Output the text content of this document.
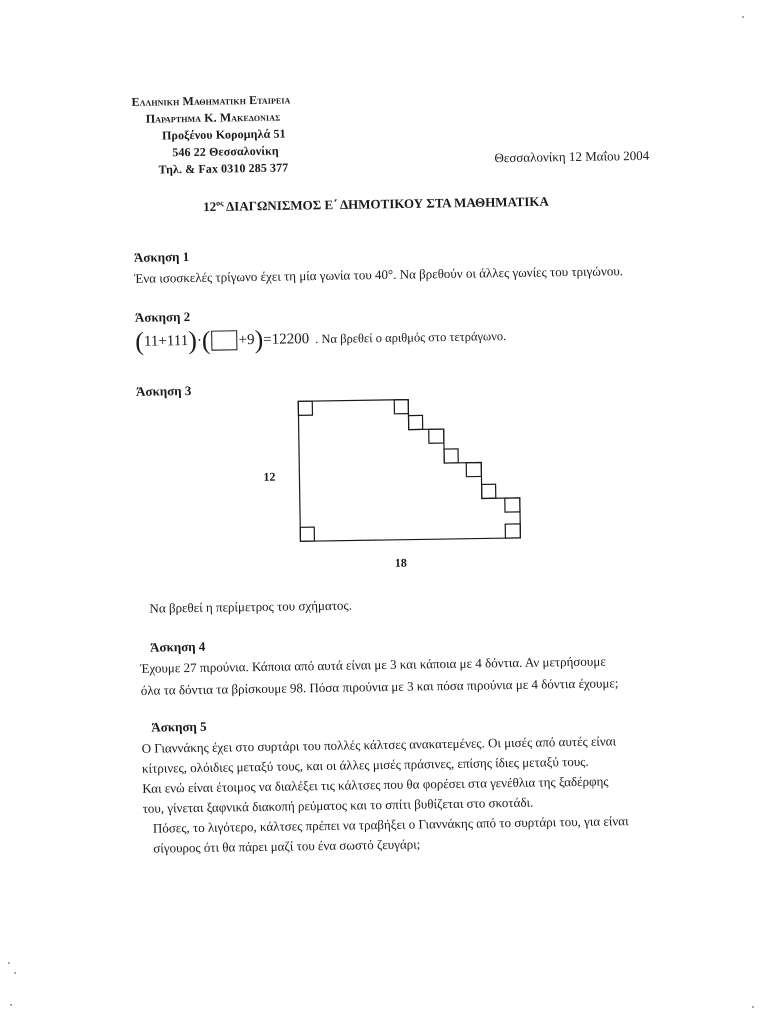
Ελληνικη Μαθηματικη Εταιρεια
Παραρτημα Κ. Μακεδονιας
Προξένου Κορομηλά 51
546 22 Θεσσαλονίκη
Τηλ. & Fax 0310 285 377
Θεσσαλονίκη 12 Μαΐου 2004
$12^{o\varsigma}$ ΔΙΑΓΩΝΙΣΜΟΣ Ε΄ ΔΗΜΟΤΙΚΟΥ ΣΤΑ ΜΑΘΗΜΑΤΙΚΑ
Άσκηση 1
Ένα ισοσκελές τρίγωνο έχει τη μία γωνία του 40°. Να βρεθούν οι άλλες γωνίες του τριγώνου.
Άσκηση 2
( 11+111 ) · ( +9 ) =12200 . Να βρεθεί ο αριθμός στο τετράγωνο.
Άσκηση 3
12
18
Να βρεθεί η περίμετρος του σχήματος.
Άσκηση 4
Έχουμε 27 πιρούνια. Κάποια από αυτά είναι με 3 και κάποια με 4 δόντια. Αν μετρήσουμε
όλα τα δόντια τα βρίσκουμε 98. Πόσα πιρούνια με 3 και πόσα πιρούνια με 4 δόντια έχουμε;
Άσκηση 5
Ο Γιαννάκης έχει στο συρτάρι του πολλές κάλτσες ανακατεμένες. Οι μισές από αυτές είναι
κίτρινες, ολόιδιες μεταξύ τους, και οι άλλες μισές πράσινες, επίσης ίδιες μεταξύ τους.
Και ενώ είναι έτοιμος να διαλέξει τις κάλτσες που θα φορέσει στα γενέθλια της ξαδέρφης
του, γίνεται ξαφνικά διακοπή ρεύματος και το σπίτι βυθίζεται στο σκοτάδι.
Πόσες, το λιγότερο, κάλτσες πρέπει να τραβήξει ο Γιαννάκης από το συρτάρι του, για είναι
σίγουρος ότι θα πάρει μαζί του ένα σωστό ζευγάρι;
